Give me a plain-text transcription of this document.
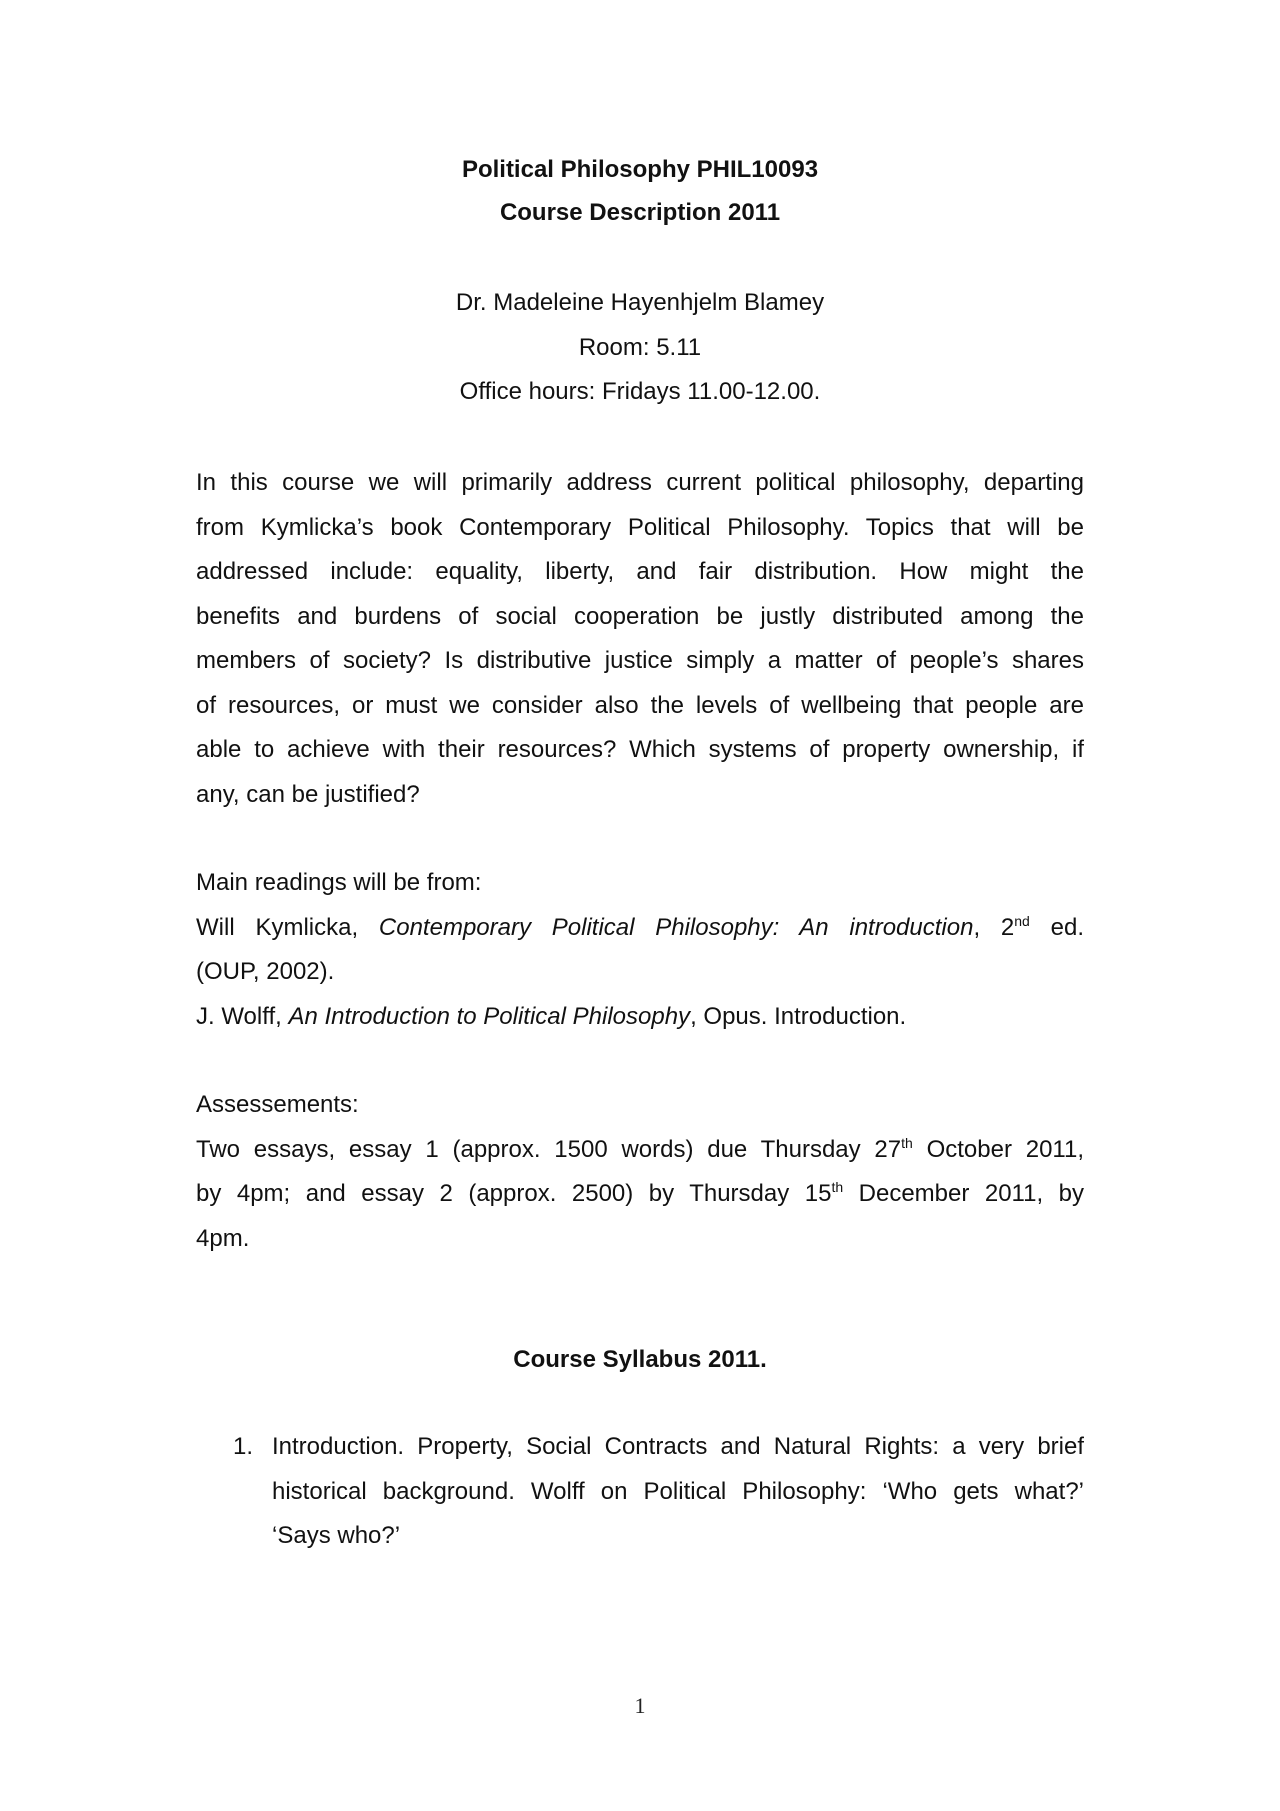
Political Philosophy PHIL10093
Course Description 2011
Dr. Madeleine Hayenhjelm Blamey
Room: 5.11
Office hours: Fridays 11.00-12.00.
In this course we will primarily address current political philosophy, departing
from Kymlicka’s book Contemporary Political Philosophy. Topics that will be
addressed include: equality, liberty, and fair distribution. How might the
benefits and burdens of social cooperation be justly distributed among the
members of society? Is distributive justice simply a matter of people’s shares
of resources, or must we consider also the levels of wellbeing that people are
able to achieve with their resources? Which systems of property ownership, if
any, can be justified?
Main readings will be from:
Will Kymlicka, Contemporary Political Philosophy: An introduction, 2nd ed.
(OUP, 2002).
J. Wolff, An Introduction to Political Philosophy, Opus. Introduction.
Assessements:
Two essays, essay 1 (approx. 1500 words) due Thursday 27th October 2011,
by 4pm; and essay 2 (approx. 2500) by Thursday 15th December 2011, by
4pm.
Course Syllabus 2011.
1. Introduction. Property, Social Contracts and Natural Rights: a very brief
historical background. Wolff on Political Philosophy: ‘Who gets what?’
‘Says who?’
1
